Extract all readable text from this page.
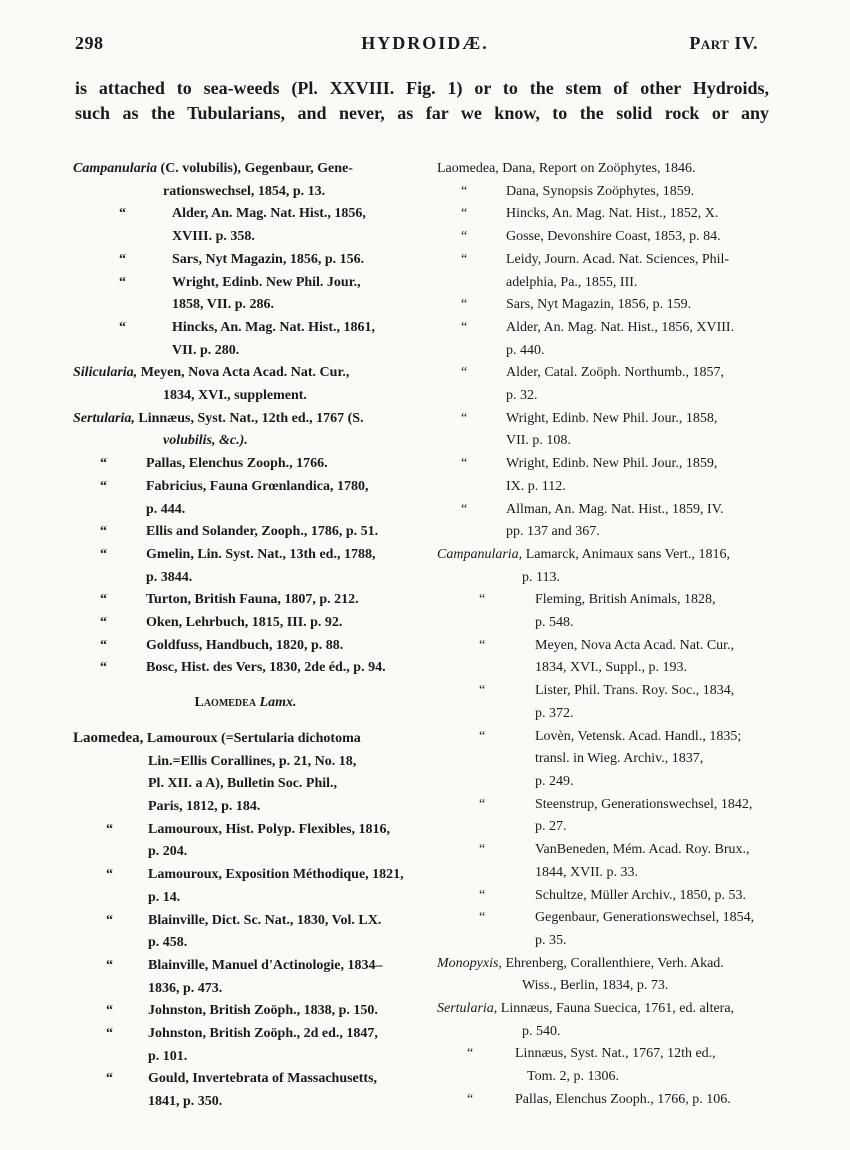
298	HYDROIDÆ.	Part IV.
is attached to sea-weeds (Pl. XXVIII. Fig. 1) or to the stem of other Hydroids,
such as the Tubularians, and never, as far we know, to the solid rock or any
Campanularia (C. volubilis), Gegenbaur, Gene-
rationswechsel, 1854, p. 13.
“	Alder, An. Mag. Nat. Hist., 1856,
XVIII. p. 358.
“	Sars, Nyt Magazin, 1856, p. 156.
“	Wright, Edinb. New Phil. Jour.,
1858, VII. p. 286.
“	Hincks, An. Mag. Nat. Hist., 1861,
VII. p. 280.
Silicularia, Meyen, Nova Acta Acad. Nat. Cur.,
1834, XVI., supplement.
Sertularia, Linnæus, Syst. Nat., 12th ed., 1767 (S.
volubilis, &c.).
“	Pallas, Elenchus Zooph., 1766.
“	Fabricius, Fauna Grœnlandica, 1780,
p. 444.
“	Ellis and Solander, Zooph., 1786, p. 51.
“	Gmelin, Lin. Syst. Nat., 13th ed., 1788,
p. 3844.
“	Turton, British Fauna, 1807, p. 212.
“	Oken, Lehrbuch, 1815, III. p. 92.
“	Goldfuss, Handbuch, 1820, p. 88.
“	Bosc, Hist. des Vers, 1830, 2de éd., p. 94.
Laomedea Lamx.
Laomedea, Lamouroux (=Sertularia dichotoma
Lin.=Ellis Corallines, p. 21, No. 18,
Pl. XII. a A), Bulletin Soc. Phil.,
Paris, 1812, p. 184.
“	Lamouroux, Hist. Polyp. Flexibles, 1816,
p. 204.
“	Lamouroux, Exposition Méthodique, 1821,
p. 14.
“	Blainville, Dict. Sc. Nat., 1830, Vol. LX.
p. 458.
“	Blainville, Manuel d'Actinologie, 1834–
1836, p. 473.
“	Johnston, British Zoöph., 1838, p. 150.
“	Johnston, British Zoöph., 2d ed., 1847,
p. 101.
“	Gould, Invertebrata of Massachusetts,
1841, p. 350.
Laomedea, Dana, Report on Zoöphytes, 1846.
“	Dana, Synopsis Zoöphytes, 1859.
“	Hincks, An. Mag. Nat. Hist., 1852, X.
“	Gosse, Devonshire Coast, 1853, p. 84.
“	Leidy, Journ. Acad. Nat. Sciences, Phil-
adelphia, Pa., 1855, III.
“	Sars, Nyt Magazin, 1856, p. 159.
“	Alder, An. Mag. Nat. Hist., 1856, XVIII.
p. 440.
“	Alder, Catal. Zoöph. Northumb., 1857,
p. 32.
“	Wright, Edinb. New Phil. Jour., 1858,
VII. p. 108.
“	Wright, Edinb. New Phil. Jour., 1859,
IX. p. 112.
“	Allman, An. Mag. Nat. Hist., 1859, IV.
pp. 137 and 367.
Campanularia, Lamarck, Animaux sans Vert., 1816,
p. 113.
“	Fleming, British Animals, 1828,
p. 548.
“	Meyen, Nova Acta Acad. Nat. Cur.,
1834, XVI., Suppl., p. 193.
“	Lister, Phil. Trans. Roy. Soc., 1834,
p. 372.
“	Lovèn, Vetensk. Acad. Handl., 1835;
transl. in Wieg. Archiv., 1837,
p. 249.
“	Steenstrup, Generationswechsel, 1842,
p. 27.
“	VanBeneden, Mém. Acad. Roy. Brux.,
1844, XVII. p. 33.
“	Schultze, Müller Archiv., 1850, p. 53.
“	Gegenbaur, Generationswechsel, 1854,
p. 35.
Monopyxis, Ehrenberg, Corallenthiere, Verh. Akad.
Wiss., Berlin, 1834, p. 73.
Sertularia, Linnæus, Fauna Suecica, 1761, ed. altera,
p. 540.
“	Linnæus, Syst. Nat., 1767, 12th ed.,
Tom. 2, p. 1306.
“	Pallas, Elenchus Zooph., 1766, p. 106.
